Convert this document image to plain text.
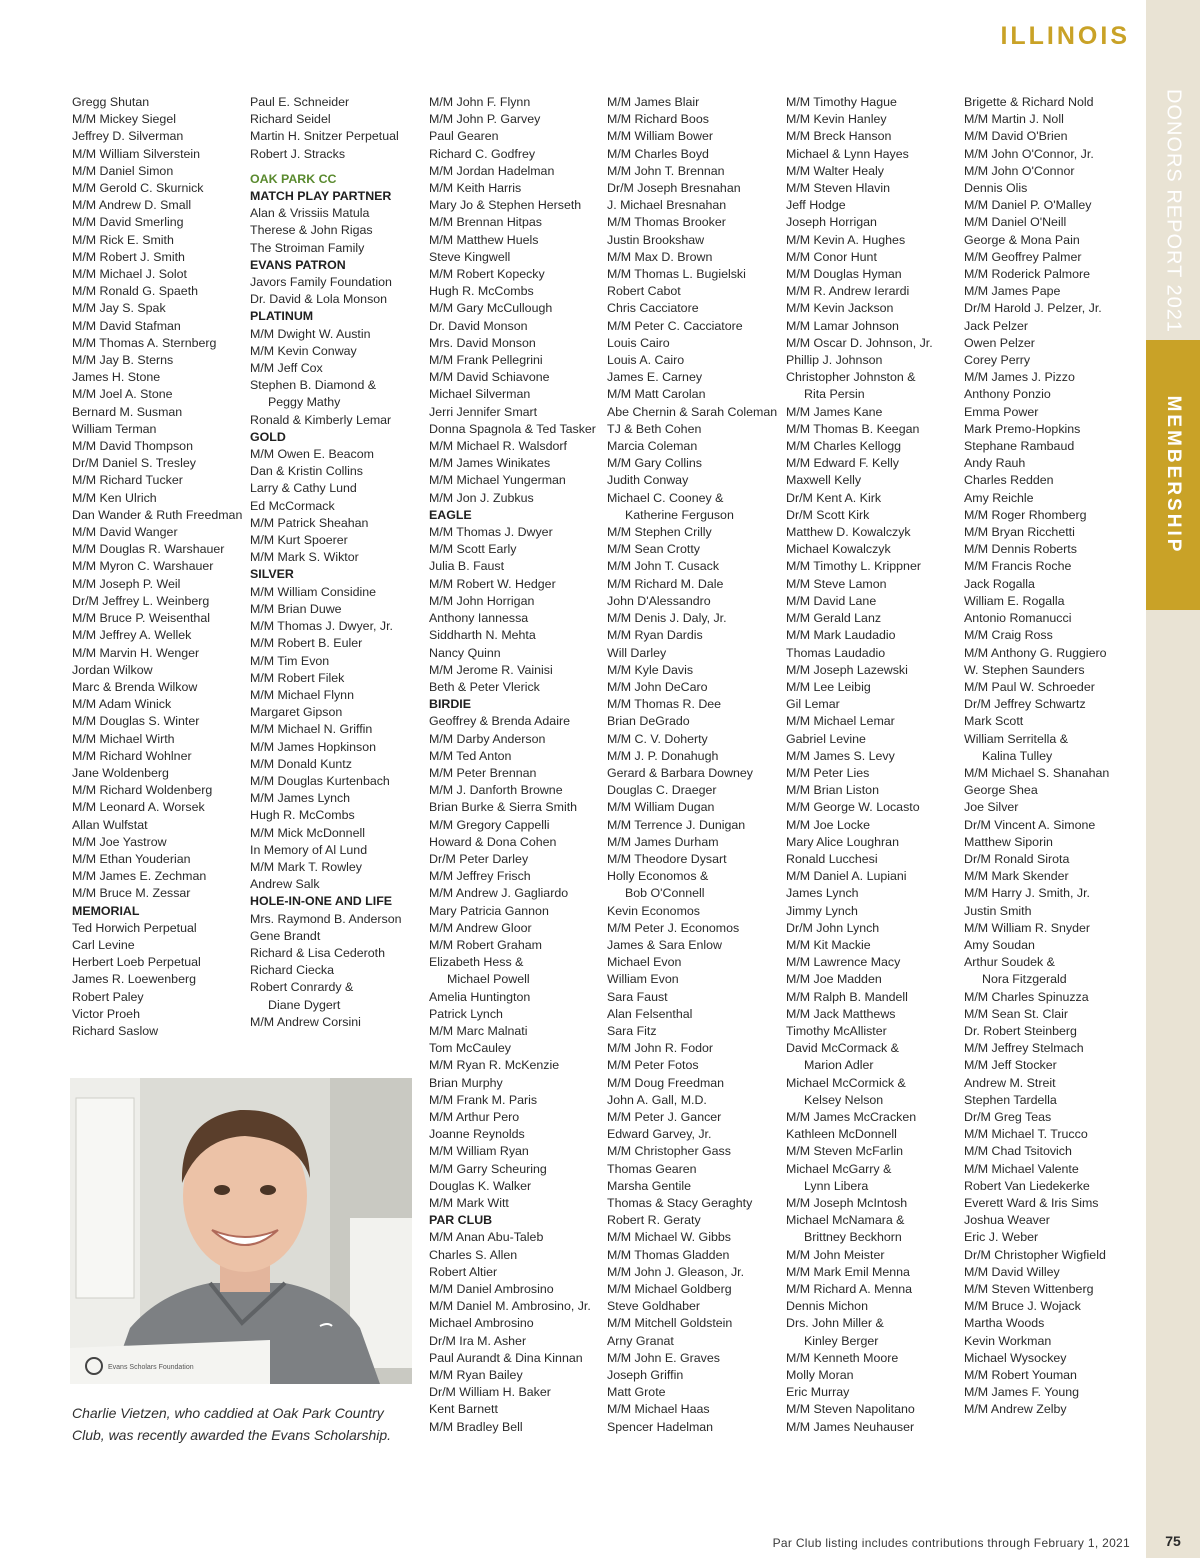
ILLINOIS
DONORS REPORT 2021
MEMBERSHIP
Gregg Shutan
M/M Mickey Siegel
Jeffrey D. Silverman
M/M William Silverstein
M/M Daniel Simon
M/M Gerold C. Skurnick
M/M Andrew D. Small
M/M David Smerling
M/M Rick E. Smith
M/M Robert J. Smith
M/M Michael J. Solot
M/M Ronald G. Spaeth
M/M Jay S. Spak
M/M David Stafman
M/M Thomas A. Sternberg
M/M Jay B. Sterns
James H. Stone
M/M Joel A. Stone
Bernard M. Susman
William Terman
M/M David Thompson
Dr/M Daniel S. Tresley
M/M Richard Tucker
M/M Ken Ulrich
Dan Wander & Ruth Freedman
M/M David Wanger
M/M Douglas R. Warshauer
M/M Myron C. Warshauer
M/M Joseph P. Weil
Dr/M Jeffrey L. Weinberg
M/M Bruce P. Weisenthal
M/M Jeffrey A. Wellek
M/M Marvin H. Wenger
Jordan Wilkow
Marc & Brenda Wilkow
M/M Adam Winick
M/M Douglas S. Winter
M/M Michael Wirth
M/M Richard Wohlner
Jane Woldenberg
M/M Richard Woldenberg
M/M Leonard A. Worsek
Allan Wulfstat
M/M Joe Yastrow
M/M Ethan Youderian
M/M James E. Zechman
M/M Bruce M. Zessar
MEMORIAL
Ted Horwich Perpetual
Carl Levine
Herbert Loeb Perpetual
James R. Loewenberg
Robert Paley
Victor Proeh
Richard Saslow
Paul E. Schneider
Richard Seidel
Martin H. Snitzer Perpetual
Robert J. Stracks
OAK PARK CC
MATCH PLAY PARTNER
Alan & Vrissiis Matula
Therese & John Rigas
The Stroiman Family
EVANS PATRON
Javors Family Foundation
Dr. David & Lola Monson
PLATINUM
M/M Dwight W. Austin
M/M Kevin Conway
M/M Jeff Cox
Stephen B. Diamond &
Peggy Mathy
Ronald & Kimberly Lemar
GOLD
M/M Owen E. Beacom
Dan & Kristin Collins
Larry & Cathy Lund
Ed McCormack
M/M Patrick Sheahan
M/M Kurt Spoerer
M/M Mark S. Wiktor
SILVER
M/M William Considine
M/M Brian Duwe
M/M Thomas J. Dwyer, Jr.
M/M Robert B. Euler
M/M Tim Evon
M/M Robert Filek
M/M Michael Flynn
Margaret Gipson
M/M Michael N. Griffin
M/M James Hopkinson
M/M Donald Kuntz
M/M Douglas Kurtenbach
M/M James Lynch
Hugh R. McCombs
M/M Mick McDonnell
In Memory of Al Lund
M/M Mark T. Rowley
Andrew Salk
HOLE-IN-ONE AND LIFE
Mrs. Raymond B. Anderson
Gene Brandt
Richard & Lisa Cederoth
Richard Ciecka
Robert Conrardy &
Diane Dygert
M/M Andrew Corsini
M/M John F. Flynn
M/M John P. Garvey
Paul Gearen
Richard C. Godfrey
M/M Jordan Hadelman
M/M Keith Harris
Mary Jo & Stephen Herseth
M/M Brennan Hitpas
M/M Matthew Huels
Steve Kingwell
M/M Robert Kopecky
Hugh R. McCombs
M/M Gary McCullough
Dr. David Monson
Mrs. David Monson
M/M Frank Pellegrini
M/M David Schiavone
Michael Silverman
Jerri Jennifer Smart
Donna Spagnola & Ted Tasker
M/M Michael R. Walsdorf
M/M James Winikates
M/M Michael Yungerman
M/M Jon J. Zubkus
EAGLE
M/M Thomas J. Dwyer
M/M Scott Early
Julia B. Faust
M/M Robert W. Hedger
M/M John Horrigan
Anthony Iannessa
Siddharth N. Mehta
Nancy Quinn
M/M Jerome R. Vainisi
Beth & Peter Vlerick
BIRDIE
Geoffrey & Brenda Adaire
M/M Darby Anderson
M/M Ted Anton
M/M Peter Brennan
M/M J. Danforth Browne
Brian Burke & Sierra Smith
M/M Gregory Cappelli
Howard & Dona Cohen
Dr/M Peter Darley
M/M Jeffrey Frisch
M/M Andrew J. Gagliardo
Mary Patricia Gannon
M/M Andrew Gloor
M/M Robert Graham
Elizabeth Hess &
Michael Powell
Amelia Huntington
Patrick Lynch
M/M Marc Malnati
Tom McCauley
M/M Ryan R. McKenzie
Brian Murphy
M/M Frank M. Paris
M/M Arthur Pero
Joanne Reynolds
M/M William Ryan
M/M Garry Scheuring
Douglas K. Walker
M/M Mark Witt
PAR CLUB
M/M Anan Abu-Taleb
Charles S. Allen
Robert Altier
M/M Daniel Ambrosino
M/M Daniel M. Ambrosino, Jr.
Michael Ambrosino
Dr/M Ira M. Asher
Paul Aurandt & Dina Kinnan
M/M Ryan Bailey
Dr/M William H. Baker
Kent Barnett
M/M Bradley Bell
M/M James Blair
M/M Richard Boos
M/M William Bower
M/M Charles Boyd
M/M John T. Brennan
Dr/M Joseph Bresnahan
J. Michael Bresnahan
M/M Thomas Brooker
Justin Brookshaw
M/M Max D. Brown
M/M Thomas L. Bugielski
Robert Cabot
Chris Cacciatore
M/M Peter C. Cacciatore
Louis Cairo
Louis A. Cairo
James E. Carney
M/M Matt Carolan
Abe Chernin & Sarah Coleman
TJ & Beth Cohen
Marcia Coleman
M/M Gary Collins
Judith Conway
Michael C. Cooney &
Katherine Ferguson
M/M Stephen Crilly
M/M Sean Crotty
M/M John T. Cusack
M/M Richard M. Dale
John D'Alessandro
M/M Denis J. Daly, Jr.
M/M Ryan Dardis
Will Darley
M/M Kyle Davis
M/M John DeCaro
M/M Thomas R. Dee
Brian DeGrado
M/M C. V. Doherty
M/M J. P. Donahugh
Gerard & Barbara Downey
Douglas C. Draeger
M/M William Dugan
M/M Terrence J. Dunigan
M/M James Durham
M/M Theodore Dysart
Holly Economos &
Bob O'Connell
Kevin Economos
M/M Peter J. Economos
James & Sara Enlow
Michael Evon
William Evon
Sara Faust
Alan Felsenthal
Sara Fitz
M/M John R. Fodor
M/M Peter Fotos
M/M Doug Freedman
John A. Gall, M.D.
M/M Peter J. Gancer
Edward Garvey, Jr.
M/M Christopher Gass
Thomas Gearen
Marsha Gentile
Thomas & Stacy Geraghty
Robert R. Geraty
M/M Michael W. Gibbs
M/M Thomas Gladden
M/M John J. Gleason, Jr.
M/M Michael Goldberg
Steve Goldhaber
M/M Mitchell Goldstein
Arny Granat
M/M John E. Graves
Joseph Griffin
Matt Grote
M/M Michael Haas
Spencer Hadelman
M/M Timothy Hague
M/M Kevin Hanley
M/M Breck Hanson
Michael & Lynn Hayes
M/M Walter Healy
M/M Steven Hlavin
Jeff Hodge
Joseph Horrigan
M/M Kevin A. Hughes
M/M Conor Hunt
M/M Douglas Hyman
M/M R. Andrew Ierardi
M/M Kevin Jackson
M/M Lamar Johnson
M/M Oscar D. Johnson, Jr.
Phillip J. Johnson
Christopher Johnston &
Rita Persin
M/M James Kane
M/M Thomas B. Keegan
M/M Charles Kellogg
M/M Edward F. Kelly
Maxwell Kelly
Dr/M Kent A. Kirk
Dr/M Scott Kirk
Matthew D. Kowalczyk
Michael Kowalczyk
M/M Timothy L. Krippner
M/M Steve Lamon
M/M David Lane
M/M Gerald Lanz
M/M Mark Laudadio
Thomas Laudadio
M/M Joseph Lazewski
M/M Lee Leibig
Gil Lemar
M/M Michael Lemar
Gabriel Levine
M/M James S. Levy
M/M Peter Lies
M/M Brian Liston
M/M George W. Locasto
M/M Joe Locke
Mary Alice Loughran
Ronald Lucchesi
M/M Daniel A. Lupiani
James Lynch
Jimmy Lynch
Dr/M John Lynch
M/M Kit Mackie
M/M Lawrence Macy
M/M Joe Madden
M/M Ralph B. Mandell
M/M Jack Matthews
Timothy McAllister
David McCormack &
Marion Adler
Michael McCormick &
Kelsey Nelson
M/M James McCracken
Kathleen McDonnell
M/M Steven McFarlin
Michael McGarry &
Lynn Libera
M/M Joseph McIntosh
Michael McNamara &
Brittney Beckhorn
M/M John Meister
M/M Mark Emil Menna
M/M Richard A. Menna
Dennis Michon
Drs. John Miller &
Kinley Berger
M/M Kenneth Moore
Molly Moran
Eric Murray
M/M Steven Napolitano
M/M James Neuhauser
Brigette & Richard Nold
M/M Martin J. Noll
M/M David O'Brien
M/M John O'Connor, Jr.
M/M John O'Connor
Dennis Olis
M/M Daniel P. O'Malley
M/M Daniel O'Neill
George & Mona Pain
M/M Geoffrey Palmer
M/M Roderick Palmore
M/M James Pape
Dr/M Harold J. Pelzer, Jr.
Jack Pelzer
Owen Pelzer
Corey Perry
M/M James J. Pizzo
Anthony Ponzio
Emma Power
Mark Premo-Hopkins
Stephane Rambaud
Andy Rauh
Charles Redden
Amy Reichle
M/M Roger Rhomberg
M/M Bryan Ricchetti
M/M Dennis Roberts
M/M Francis Roche
Jack Rogalla
William E. Rogalla
Antonio Romanucci
M/M Craig Ross
M/M Anthony G. Ruggiero
W. Stephen Saunders
M/M Paul W. Schroeder
Dr/M Jeffrey Schwartz
Mark Scott
William Serritella &
Kalina Tulley
M/M Michael S. Shanahan
George Shea
Joe Silver
Dr/M Vincent A. Simone
Matthew Siporin
Dr/M Ronald Sirota
M/M Mark Skender
M/M Harry J. Smith, Jr.
Justin Smith
M/M William R. Snyder
Amy Soudan
Arthur Soudek &
Nora Fitzgerald
M/M Charles Spinuzza
M/M Sean St. Clair
Dr. Robert Steinberg
M/M Jeffrey Stelmach
M/M Jeff Stocker
Andrew M. Streit
Stephen Tardella
Dr/M Greg Teas
M/M Michael T. Trucco
M/M Chad Tsitovich
M/M Michael Valente
Robert Van Liedekerke
Everett Ward & Iris Sims
Joshua Weaver
Eric J. Weber
Dr/M Christopher Wigfield
M/M David Willey
M/M Steven Wittenberg
M/M Bruce J. Wojack
Martha Woods
Kevin Workman
Michael Wysockey
M/M Robert Youman
M/M James F. Young
M/M Andrew Zelby
Evans Scholars Foundation
Charlie Vietzen, who caddied at Oak Park Country Club, was recently awarded the Evans Scholarship.
Par Club listing includes contributions through February 1, 2021	75
